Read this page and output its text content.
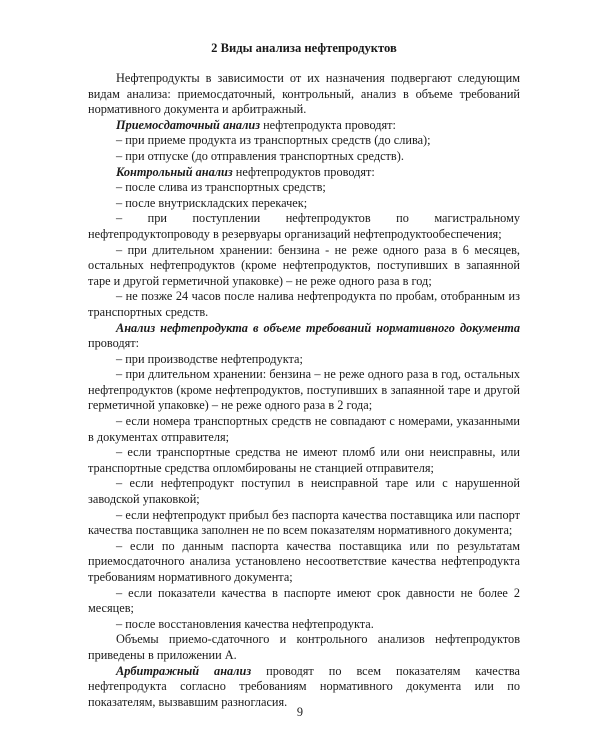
2 Виды анализа нефтепродуктов

Нефтепродукты в зависимости от их назначения подвергают следующим видам анализа: приемосдаточный, контрольный, анализ в объеме требований нормативного документа и арбитражный.

Приемосдаточный анализ нефтепродукта проводят:

– при приеме продукта из транспортных средств (до слива);

– при отпуске (до отправления транспортных средств).

Контрольный анализ нефтепродуктов проводят:

– после слива из транспортных средств;

– после внутрискладских перекачек;

– при поступлении нефтепродуктов по магистральному нефтепродуктопроводу в резервуары организаций нефтепродуктообеспечения;

– при длительном хранении: бензина - не реже одного раза в 6 месяцев, остальных нефтепродуктов (кроме нефтепродуктов, поступивших в запаянной таре и другой герметичной упаковке) – не реже одного раза в год;

– не позже 24 часов после налива нефтепродукта по пробам, отобранным из транспортных средств.

Анализ нефтепродукта в объеме требований нормативного документа проводят:

– при производстве нефтепродукта;

– при длительном хранении: бензина – не реже одного раза в год, остальных нефтепродуктов (кроме нефтепродуктов, поступивших в запаянной таре и другой герметичной упаковке) – не реже одного раза в 2 года;

– если номера транспортных средств не совпадают с номерами, указанными в документах отправителя;

– если транспортные средства не имеют пломб или они неисправны, или транспортные средства опломбированы не станцией отправителя;

– если нефтепродукт поступил в неисправной таре или с нарушенной заводской упаковкой;

– если нефтепродукт прибыл без паспорта качества поставщика или паспорт качества поставщика заполнен не по всем показателям нормативного документа;

– если по данным паспорта качества поставщика или по результатам приемосдаточного анализа установлено несоответствие качества нефтепродукта требованиям нормативного документа;

– если показатели качества в паспорте имеют срок давности не более 2 месяцев;

– после восстановления качества нефтепродукта.

Объемы приемо-сдаточного и контрольного анализов нефтепродуктов приведены в приложении А.

Арбитражный анализ проводят по всем показателям качества нефтепродукта согласно требованиям нормативного документа или по показателям, вызвавшим разногласия.

9
